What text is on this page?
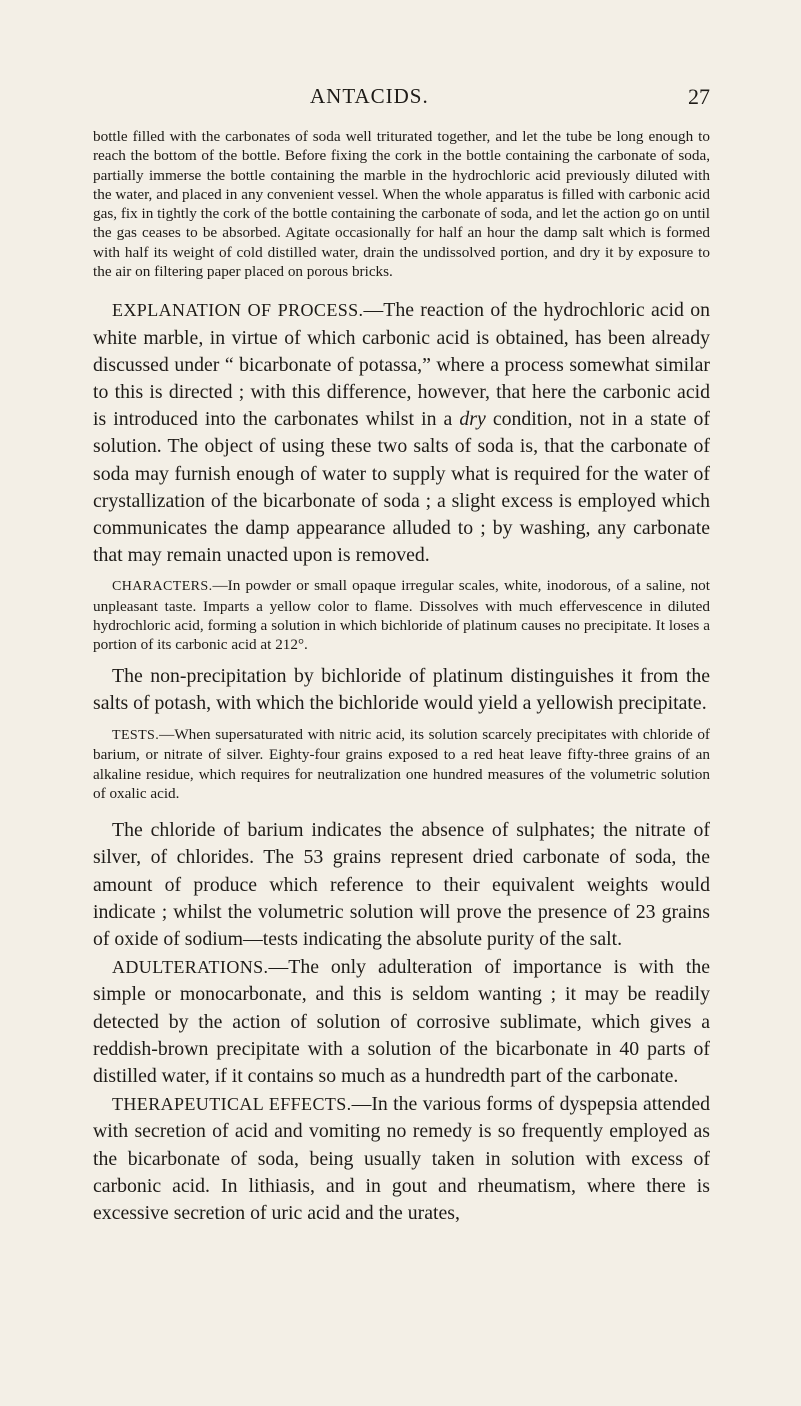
ANTACIDS.	27

bottle filled with the carbonates of soda well triturated together, and let the tube be long enough to reach the bottom of the bottle. Before fixing the cork in the bottle containing the carbonate of soda, partially immerse the bottle containing the marble in the hydrochloric acid previously diluted with the water, and placed in any convenient vessel. When the whole apparatus is filled with carbonic acid gas, fix in tightly the cork of the bottle containing the carbonate of soda, and let the action go on until the gas ceases to be absorbed. Agitate occasionally for half an hour the damp salt which is formed with half its weight of cold distilled water, drain the undissolved portion, and dry it by exposure to the air on filtering paper placed on porous bricks.

EXPLANATION OF PROCESS.—The reaction of the hydrochloric acid on white marble, in virtue of which carbonic acid is obtained, has been already discussed under “ bicarbonate of potassa,” where a process somewhat similar to this is directed ; with this difference, however, that here the carbonic acid is introduced into the carbonates whilst in a dry condition, not in a state of solution. The object of using these two salts of soda is, that the carbonate of soda may furnish enough of water to supply what is required for the water of crystallization of the bicarbonate of soda ; a slight excess is employed which communicates the damp appearance alluded to ; by washing, any carbonate that may remain unacted upon is removed.

CHARACTERS.—In powder or small opaque irregular scales, white, inodorous, of a saline, not unpleasant taste. Imparts a yellow color to flame. Dissolves with much effervescence in diluted hydrochloric acid, forming a solution in which bichloride of platinum causes no precipitate. It loses a portion of its carbonic acid at 212°.

The non-precipitation by bichloride of platinum distinguishes it from the salts of potash, with which the bichloride would yield a yellowish precipitate.

TESTS.—When supersaturated with nitric acid, its solution scarcely precipitates with chloride of barium, or nitrate of silver. Eighty-four grains exposed to a red heat leave fifty-three grains of an alkaline residue, which requires for neutralization one hundred measures of the volumetric solution of oxalic acid.

The chloride of barium indicates the absence of sulphates; the nitrate of silver, of chlorides. The 53 grains represent dried carbonate of soda, the amount of produce which reference to their equivalent weights would indicate ; whilst the volumetric solution will prove the presence of 23 grains of oxide of sodium—tests indicating the absolute purity of the salt.

ADULTERATIONS.—The only adulteration of importance is with the simple or monocarbonate, and this is seldom wanting ; it may be readily detected by the action of solution of corrosive sublimate, which gives a reddish-brown precipitate with a solution of the bicarbonate in 40 parts of distilled water, if it contains so much as a hundredth part of the carbonate.

THERAPEUTICAL EFFECTS.—In the various forms of dyspepsia attended with secretion of acid and vomiting no remedy is so frequently employed as the bicarbonate of soda, being usually taken in solution with excess of carbonic acid. In lithiasis, and in gout and rheumatism, where there is excessive secretion of uric acid and the urates,
